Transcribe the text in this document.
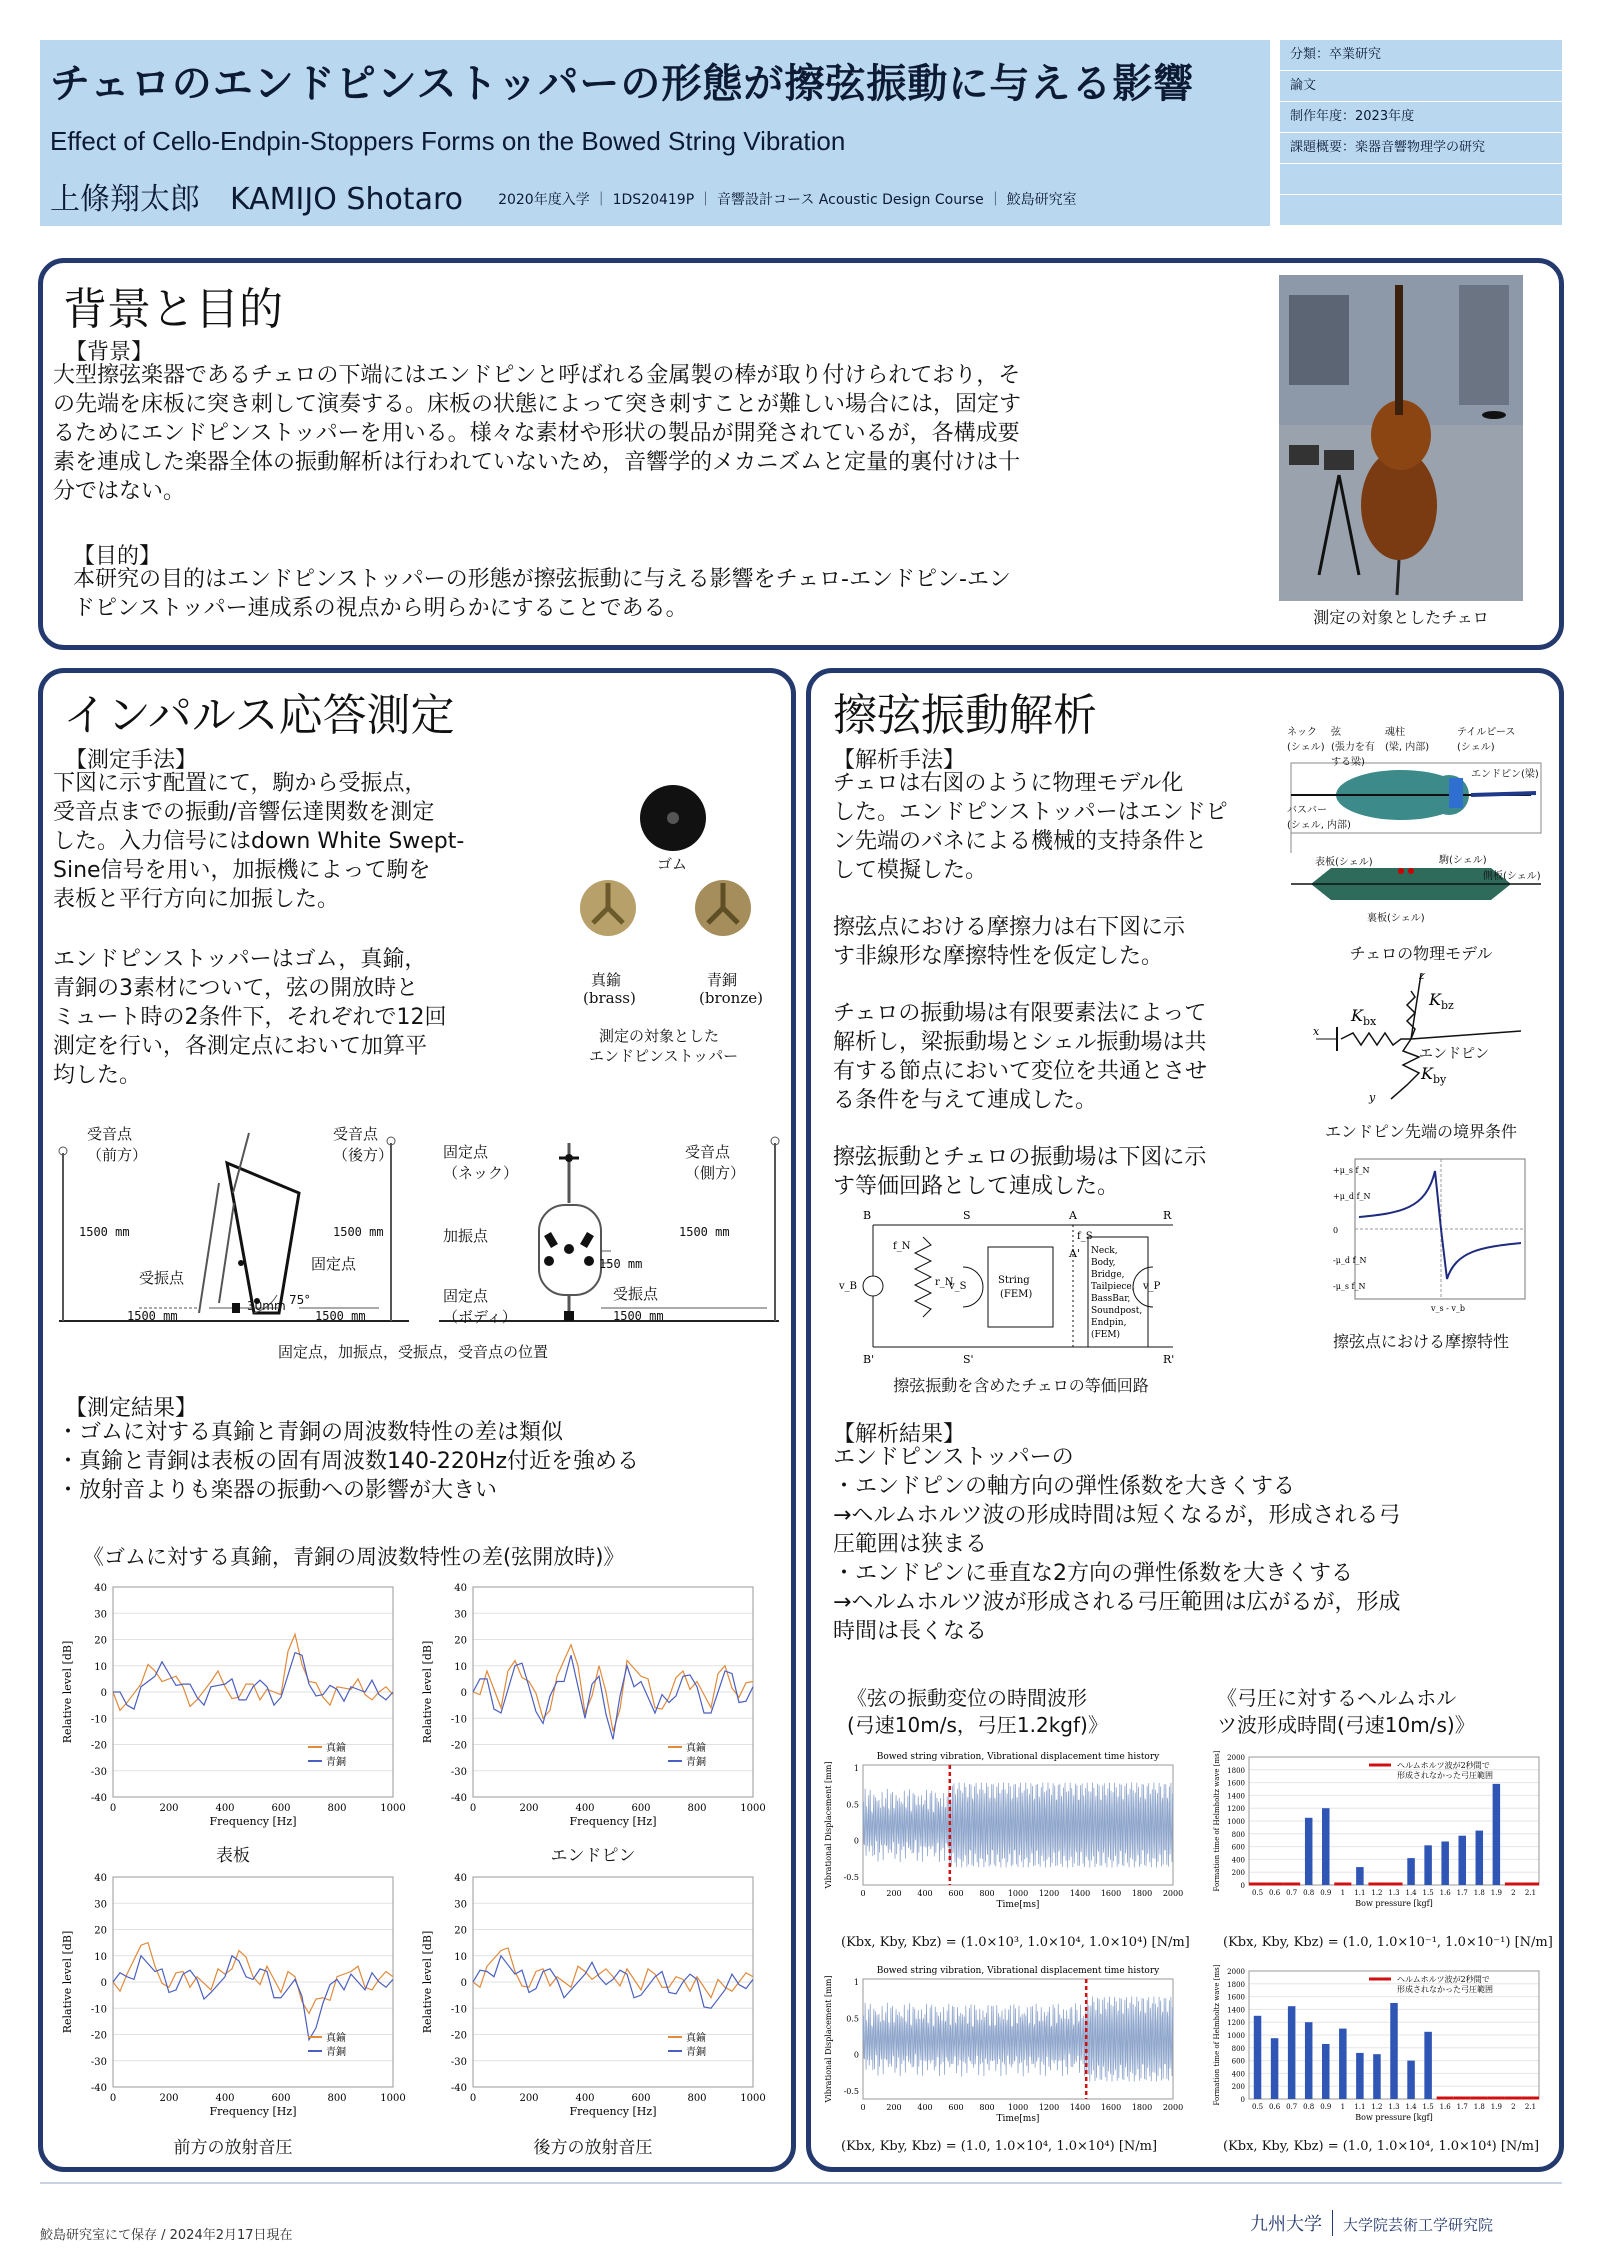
チェロのエンドピンストッパーの形態が擦弦振動に与える影響
Effect of Cello-Endpin-Stoppers Forms on the Bowed String Vibration
上條翔太郎　KAMIJO Shotaro	2020年度入学 ｜ 1DS20419P ｜ 音響設計コース Acoustic Design Course ｜ 鮫島研究室
分類：卒業研究
論文
制作年度：2023年度
課題概要：楽器音響物理学の研究
背景と目的
【背景】
大型擦弦楽器であるチェロの下端にはエンドピンと呼ばれる金属製の棒が取り付けられており，そ
の先端を床板に突き刺して演奏する。床板の状態によって突き刺すことが難しい場合には，固定す
るためにエンドピンストッパーを用いる。様々な素材や形状の製品が開発されているが，各構成要
素を連成した楽器全体の振動解析は行われていないため，音響学的メカニズムと定量的裏付けは十
分ではない。
【目的】
本研究の目的はエンドピンストッパーの形態が擦弦振動に与える影響をチェロ-エンドピン-エン
ドピンストッパー連成系の視点から明らかにすることである。	測定の対象としたチェロ
インパルス応答測定
【測定手法】
下図に示す配置にて，駒から受振点，
受音点までの振動/音響伝達関数を測定
した。入力信号にはdown White Swept-
Sine信号を用い，加振機によって駒を
表板と平行方向に加振した。
エンドピンストッパーはゴム，真鍮，
青銅の3素材について，弦の開放時と
ミュート時の2条件下，それぞれで12回
測定を行い，各測定点において加算平
均した。
ゴム
真鍮
(brass)
青銅
(bronze)
測定の対象とした
エンドピンストッパー
受音点
（前方）
受音点
（後方）	固定点
（ネック）
受音点
（側方）
1500 mm	1500 mm	1500 mm
加振点
受振点
固定点	150 mm
固定点
（ボディ）
受振点
30mm 75°
1500 mm	1500 mm	1500 mm
固定点，加振点，受振点，受音点の位置
【測定結果】
・ゴムに対する真鍮と青銅の周波数特性の差は類似
・真鍮と青銅は表板の固有周波数140-220Hz付近を強める
・放射音よりも楽器の振動への影響が大きい
《ゴムに対する真鍮，青銅の周波数特性の差(弦開放時)》
-40
-30
-20
-10
0
10
20
30
40
0	200	400	600	800	1000
Frequency [Hz]
Relative level [dB]
真鍮
青銅
表板
-40
-30
-20
-10
0
10
20
30
40
0	200	400	600	800	1000
Frequency [Hz]
Relative level [dB]
真鍮
青銅
エンドピン
-40
-30
-20
-10
0
10
20
30
40
0	200	400	600	800	1000
Frequency [Hz]
Relative level [dB]
真鍮
青銅
前方の放射音圧
-40
-30
-20
-10
0
10
20
30
40
0	200	400	600	800	1000
Frequency [Hz]
Relative level [dB]
真鍮
青銅
後方の放射音圧
擦弦振動解析
【解析手法】
チェロは右図のように物理モデル化
した。エンドピンストッパーはエンドピ
ン先端のバネによる機械的支持条件と
して模擬した。
擦弦点における摩擦力は右下図に示
す非線形な摩擦特性を仮定した。
チェロの振動場は有限要素法によって
解析し，梁振動場とシェル振動場は共
有する節点において変位を共通とさせ
る条件を与えて連成した。
擦弦振動とチェロの振動場は下図に示
す等価回路として連成した。
ネック
(シェル)
弦
(張力を有
する梁)
魂柱
(梁, 内部)
テイルピース
(シェル)
エンドピン(梁)
バスバー
(シェル, 内部)
表板(シェル)	駒(シェル)
側板(シェル)
裏板(シェル)
チェロの物理モデル
x
z
y
K bx
K bz
K by
エンドピン
エンドピン先端の境界条件
+μ_s f_N
+μ_d f_N
0
-μ_d f_N
-μ_s f_N
v_s - v_b
擦弦点における摩擦特性
B	S	A	R
B'	S'
A'
R'
v_B	r_N
f_N
v_S
f_S
v_P
String
(FEM)
Neck,
Body,
Bridge,
Tailpiece,
BassBar,
Soundpost,
Endpin,
(FEM)
擦弦振動を含めたチェロの等価回路
【解析結果】
エンドピンストッパーの
・エンドピンの軸方向の弾性係数を大きくする
→ヘルムホルツ波の形成時間は短くなるが，形成される弓
圧範囲は狭まる
・エンドピンに垂直な2方向の弾性係数を大きくする
→ヘルムホルツ波が形成される弓圧範囲は広がるが，形成
時間は長くなる
《弦の振動変位の時間波形
(弓速10m/s，弓圧1.2kgf)》
《弓圧に対するヘルムホル
ツ波形成時間(弓速10m/s)》
Bowed string vibration, Vibrational displacement time history
0	200 400 600 800 1000 1200 1400 1600 1800 2000
Time[ms]
Vibrational Displacement [mm]	1
0.5
0
-0.5
(Kbx, Kby, Kbz) = (1.0×10³, 1.0×10⁴, 1.0×10⁴) [N/m]
Bowed string vibration, Vibrational displacement time history
0	200 400 600 800 1000 1200 1400 1600 1800 2000
Time[ms]
Vibrational Displacement [mm]	1
0.5
0
-0.5
(Kbx, Kby, Kbz) = (1.0, 1.0×10⁴, 1.0×10⁴) [N/m]
0
200
400
600
800
1000
1200
1400
1600
1800
2000
0.5 0.6 0.7 0.8 0.9 1 1.1 1.2 1.3 1.4 1.5 1.6 1.7 1.8 1.9 2 2.1
Bow pressure [kgf]
Formation time of Helmholtz wave [ms]	ヘルムホルツ波が2秒間で
形成されなかった弓圧範囲
(Kbx, Kby, Kbz) = (1.0, 1.0×10⁻¹, 1.0×10⁻¹) [N/m]
0
200
400
600
800
1000
1200
1400
1600
1800
2000
0.5 0.6 0.7 0.8 0.9 1 1.1 1.2 1.3 1.4 1.5 1.6 1.7 1.8 1.9 2 2.1
Bow pressure [kgf]
Formation time of Helmholtz wave [ms]	ヘルムホルツ波が2秒間で
形成されなかった弓圧範囲
(Kbx, Kby, Kbz) = (1.0, 1.0×10⁴, 1.0×10⁴) [N/m]
鮫島研究室にて保存 / 2024年2月17日現在
九州大学 大学院芸術工学研究院
